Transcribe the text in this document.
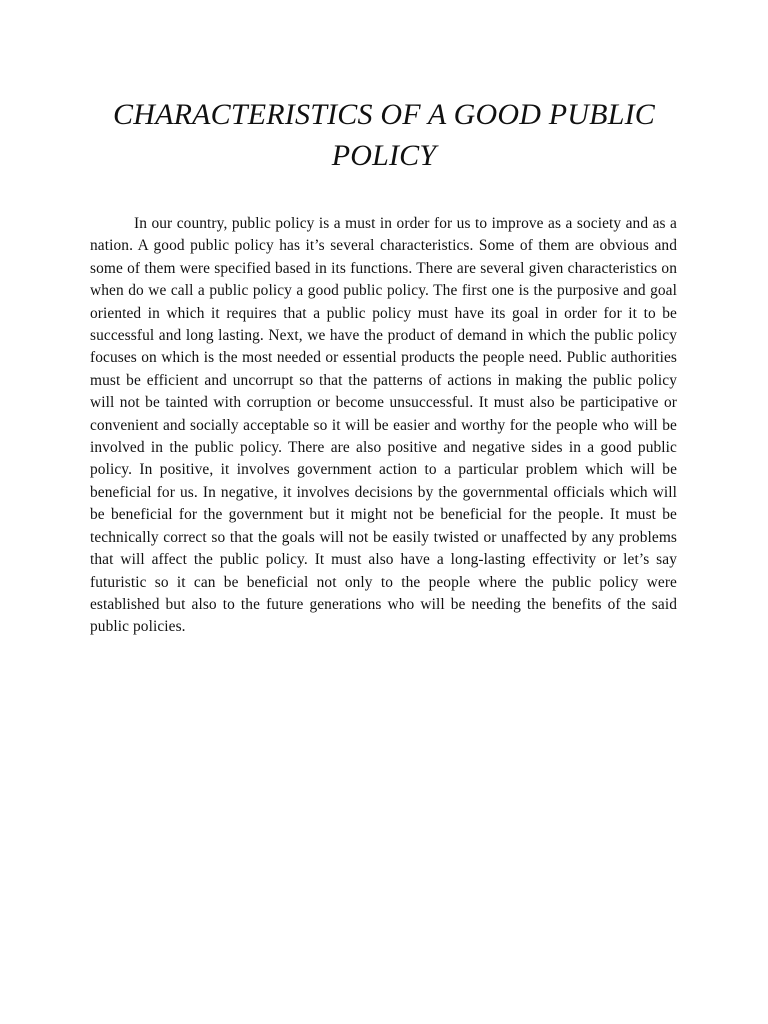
CHARACTERISTICS OF A GOOD PUBLIC POLICY

In our country, public policy is a must in order for us to improve as a society and as a nation. A good public policy has it’s several characteristics. Some of them are obvious and some of them were specified based in its functions. There are several given characteristics on when do we call a public policy a good public policy. The first one is the purposive and goal oriented in which it requires that a public policy must have its goal in order for it to be successful and long lasting. Next, we have the product of demand in which the public policy focuses on which is the most needed or essential products the people need. Public authorities must be efficient and uncorrupt so that the patterns of actions in making the public policy will not be tainted with corruption or become unsuccessful. It must also be participative or convenient and socially acceptable so it will be easier and worthy for the people who will be involved in the public policy. There are also positive and negative sides in a good public policy. In positive, it involves government action to a particular problem which will be beneficial for us. In negative, it involves decisions by the governmental officials which will be beneficial for the government but it might not be beneficial for the people. It must be technically correct so that the goals will not be easily twisted or unaffected by any problems that will affect the public policy. It must also have a long-lasting effectivity or let’s say futuristic so it can be beneficial not only to the people where the public policy were established but also to the future generations who will be needing the benefits of the said public policies.
